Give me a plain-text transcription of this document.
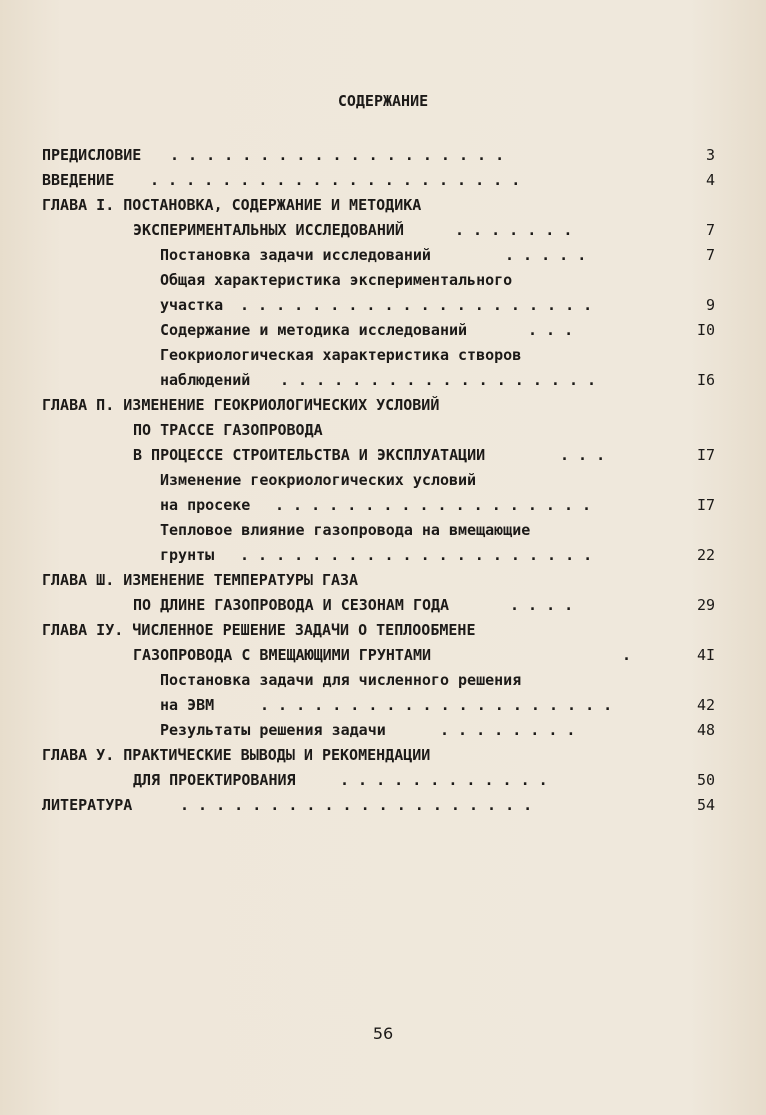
СОДЕРЖАНИЕ
ПРЕДИСЛОВИЕ . . . . . . . . . . . . . . . . . . .	3
ВВЕДЕНИЕ . . . . . . . . . . . . . . . . . . . . .	4
ГЛАВА I. ПОСТАНОВКА, СОДЕРЖАНИЕ И МЕТОДИКА
ЭКСПЕРИМЕНТАЛЬНЫХ ИССЛЕДОВАНИЙ	. . . . . . .	7
Постановка задачи исследований	. . . . .	7
Общая характеристика экспериментального
участка . . . . . . . . . . . . . . . . . . . .	9
Содержание и методика исследований	. . .	I0
Геокриологическая характеристика створов
наблюдений . . . . . . . . . . . . . . . . . .	I6
ГЛАВА П. ИЗМЕНЕНИЕ ГЕОКРИОЛОГИЧЕСКИХ УСЛОВИЙ
ПО ТРАССЕ ГАЗОПРОВОДА
В ПРОЦЕССЕ СТРОИТЕЛЬСТВА И ЭКСПЛУАТАЦИИ	. . .	I7
Изменение геокриологических условий
на просеке . . . . . . . . . . . . . . . . . .	I7
Тепловое влияние газопровода на вмещающие
грунты . . . . . . . . . . . . . . . . . . . .	22
ГЛАВА Ш. ИЗМЕНЕНИЕ ТЕМПЕРАТУРЫ ГАЗА
ПО ДЛИНЕ ГАЗОПРОВОДА И СЕЗОНАМ ГОДА	. . . .	29
ГЛАВА IУ. ЧИСЛЕННОЕ РЕШЕНИЕ ЗАДАЧИ О ТЕПЛООБМЕНЕ
ГАЗОПРОВОДА С ВМЕЩАЮЩИМИ ГРУНТАМИ	.	4I
Постановка задачи для численного решения
на ЭВМ	. . . . . . . . . . . . . . . . . . . .	42
Результаты решения задачи	. . . . . . . .	48
ГЛАВА У. ПРАКТИЧЕСКИЕ ВЫВОДЫ И РЕКОМЕНДАЦИИ
ДЛЯ ПРОЕКТИРОВАНИЯ	. . . . . . . . . . . .	50
ЛИТЕРАТУРА	. . . . . . . . . . . . . . . . . . . .	54
56
